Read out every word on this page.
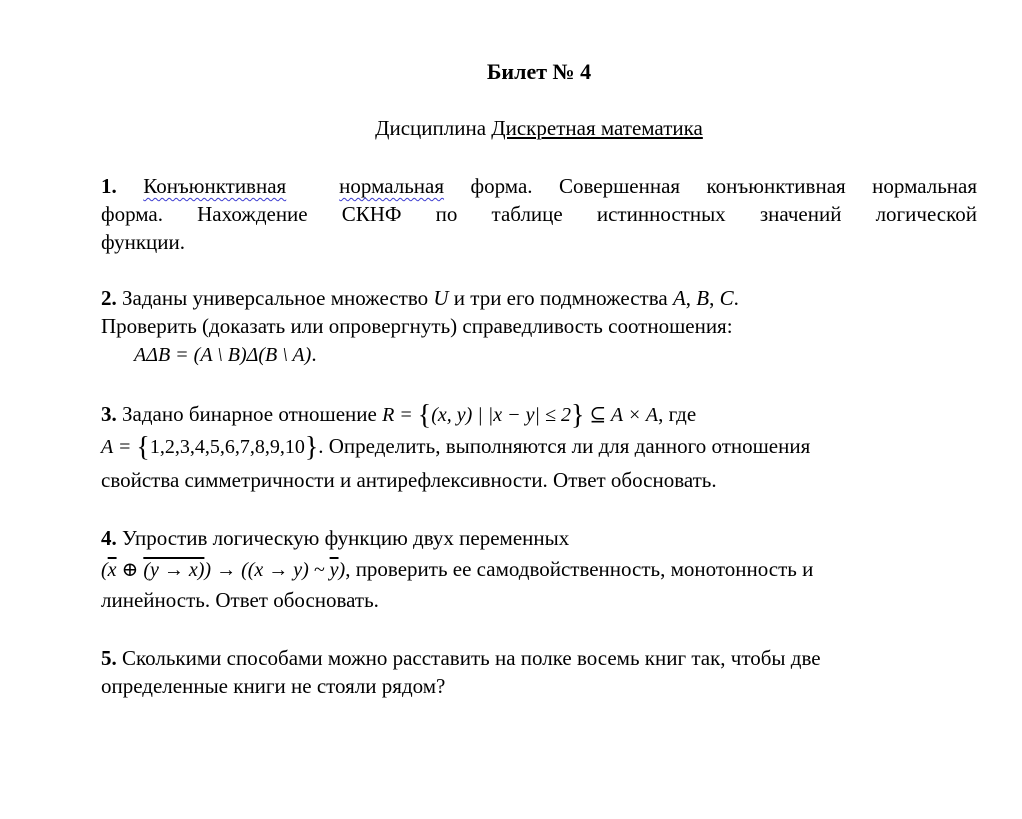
Билет № 4
Дисциплина Дискретная математика
1. Конъюнктивная	нормальная форма. Совершенная конъюнктивная нормальная
форма. Нахождение СКНФ по таблице истинностных значений логической
функции.
2. Заданы универсальное множество U и три его подмножества A, B, C.
Проверить (доказать или опровергнуть) справедливость соотношения:
AΔB = (A \ B)Δ(B \ A).
3. Задано бинарное отношение R = {(x, y) | |x − y| ≤ 2} ⊆ A × A, где
A = {1,2,3,4,5,6,7,8,9,10}. Определить, выполняются ли для данного отношения
свойства симметричности и антирефлексивности. Ответ обосновать.
4. Упростив логическую функцию двух переменных
($\overline{x}$ ⊕ (y → x)) → ((x → y) ~ $\overline{y}$), проверить ее самодвойственность, монотонность и
линейность. Ответ обосновать.
5. Сколькими способами можно расставить на полке восемь книг так, чтобы две
определенные книги не стояли рядом?
